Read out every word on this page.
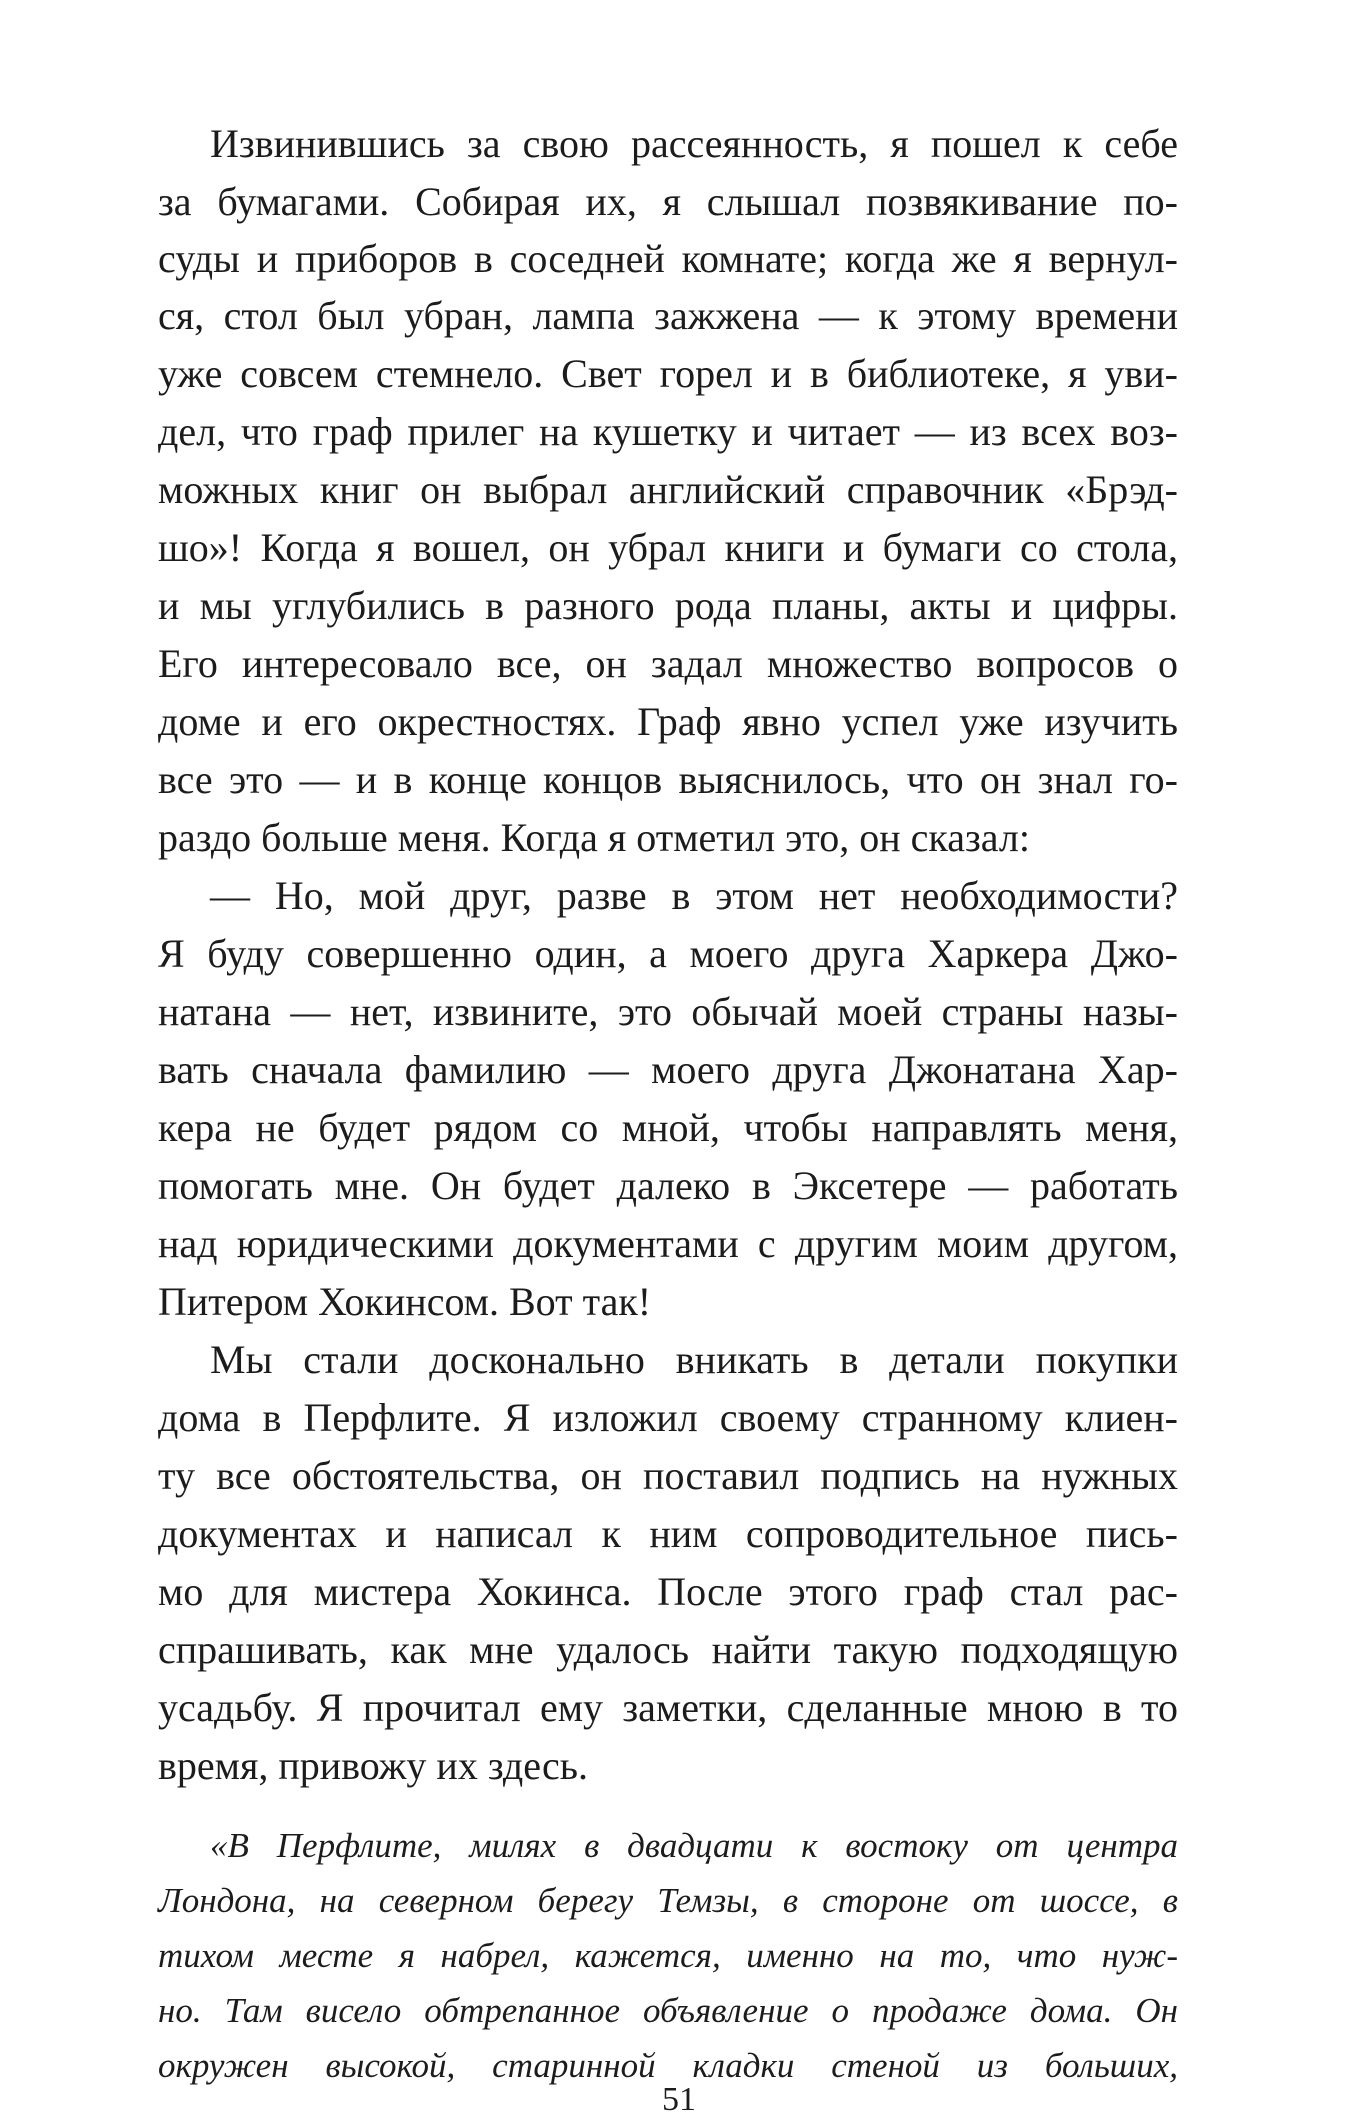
Извинившись за свою рассеянность, я пошел к себе
за бумагами. Собирая их, я слышал позвякивание по-
суды и приборов в соседней комнате; когда же я вернул-
ся, стол был убран, лампа зажжена — к этому времени
уже совсем стемнело. Свет горел и в библиотеке, я уви-
дел, что граф прилег на кушетку и читает — из всех воз-
можных книг он выбрал английский справочник «Брэд-
шо»! Когда я вошел, он убрал книги и бумаги со стола,
и мы углубились в разного рода планы, акты и цифры.
Его интересовало все, он задал множество вопросов о
доме и его окрестностях. Граф явно успел уже изучить
все это — и в конце концов выяснилось, что он знал го-
раздо больше меня. Когда я отметил это, он сказал:
— Но, мой друг, разве в этом нет необходимости?
Я буду совершенно один, а моего друга Харкера Джо-
натана — нет, извините, это обычай моей страны назы-
вать сначала фамилию — моего друга Джонатана Хар-
кера не будет рядом со мной, чтобы направлять меня,
помогать мне. Он будет далеко в Эксетере — работать
над юридическими документами с другим моим другом,
Питером Хокинсом. Вот так!
Мы стали досконально вникать в детали покупки
дома в Перфлите. Я изложил своему странному клиен-
ту все обстоятельства, он поставил подпись на нужных
документах и написал к ним сопроводительное пись-
мо для мистера Хокинса. После этого граф стал рас-
спрашивать, как мне удалось найти такую подходящую
усадьбу. Я прочитал ему заметки, сделанные мною в то
время, привожу их здесь.
«В Перфлите, милях в двадцати к востоку от центра
Лондона, на северном берегу Темзы, в стороне от шоссе, в
тихом месте я набрел, кажется, именно на то, что нуж-
но. Там висело обтрепанное объявление о продаже дома. Он
окружен высокой, старинной кладки стеной из больших,
51
